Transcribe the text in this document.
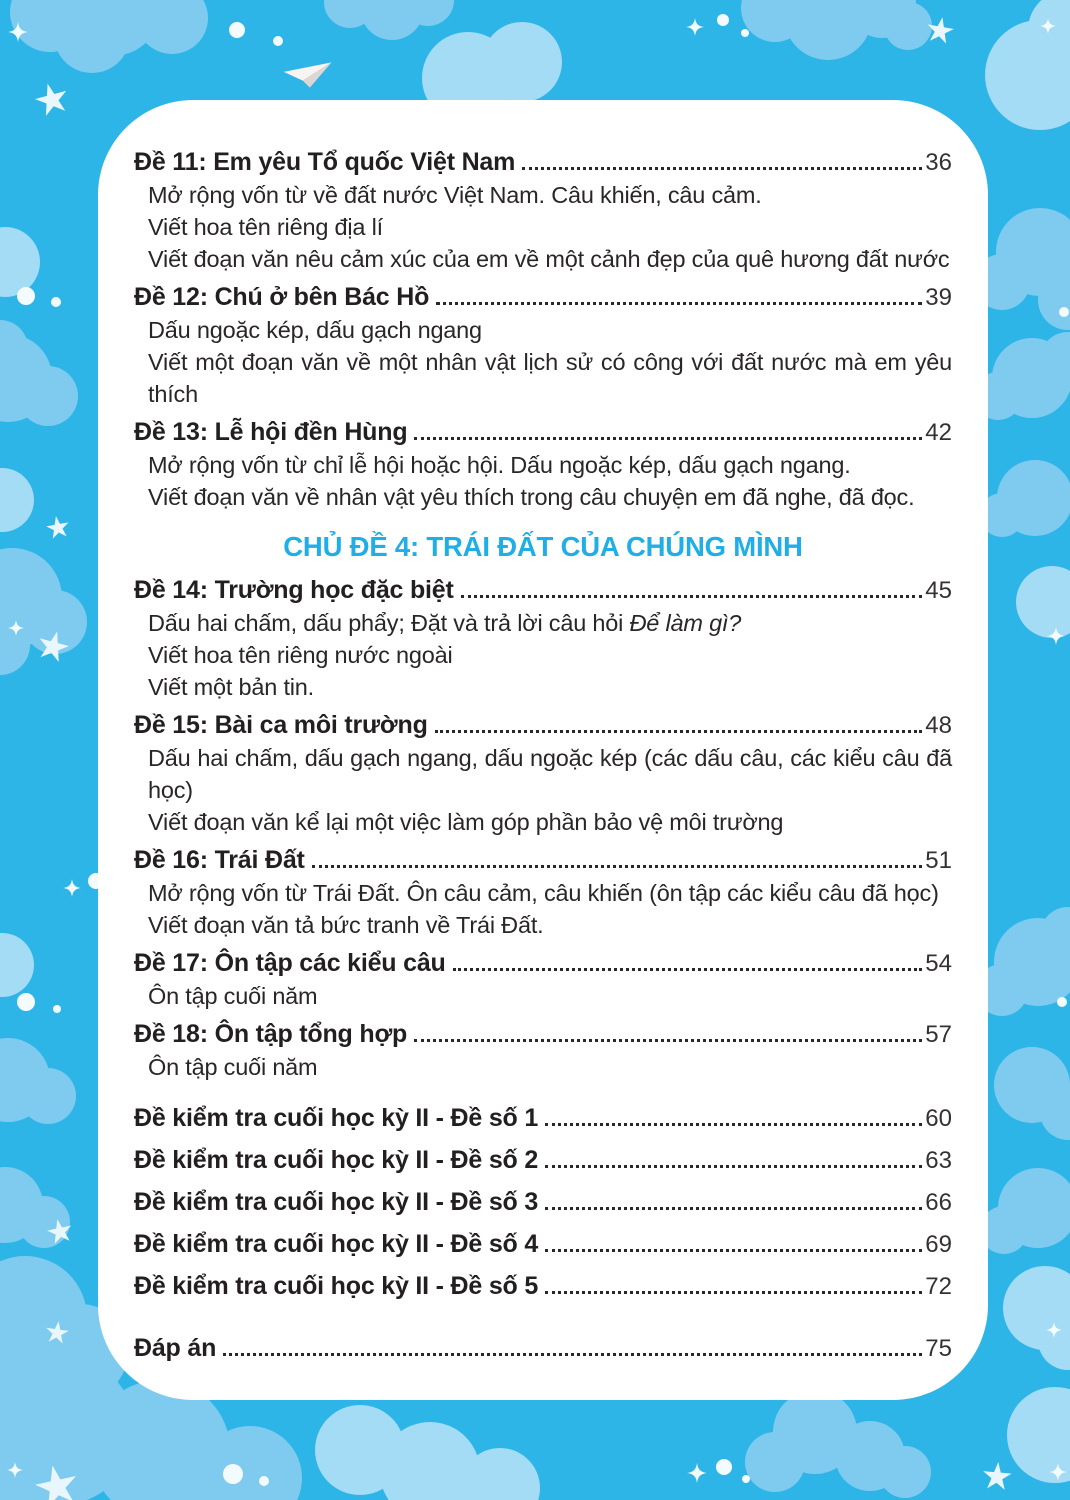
Đề 11: Em yêu Tổ quốc Việt Nam	36

Mở rộng vốn từ về đất nước Việt Nam. Câu khiến, câu cảm.

Viết hoa tên riêng địa lí

Viết đoạn văn nêu cảm xúc của em về một cảnh đẹp của quê hương đất nước

Đề 12: Chú ở bên Bác Hồ	39

Dấu ngoặc kép, dấu gạch ngang

Viết một đoạn văn về một nhân vật lịch sử có công với đất nước mà em yêu thích

Đề 13: Lễ hội đền Hùng	42

Mở rộng vốn từ chỉ lễ hội hoặc hội. Dấu ngoặc kép, dấu gạch ngang.

Viết đoạn văn về nhân vật yêu thích trong câu chuyện em đã nghe, đã đọc.

CHỦ ĐỀ 4: TRÁI ĐẤT CỦA CHÚNG MÌNH
Đề 14: Trường học đặc biệt	45

Dấu hai chấm, dấu phẩy; Đặt và trả lời câu hỏi Để làm gì?

Viết hoa tên riêng nước ngoài

Viết một bản tin.

Đề 15: Bài ca môi trường	48

Dấu hai chấm, dấu gạch ngang, dấu ngoặc kép (các dấu câu, các kiểu câu đã học)

Viết đoạn văn kể lại một việc làm góp phần bảo vệ môi trường

Đề 16: Trái Đất	51

Mở rộng vốn từ Trái Đất. Ôn câu cảm, câu khiến (ôn tập các kiểu câu đã học)

Viết đoạn văn tả bức tranh về Trái Đất.

Đề 17: Ôn tập các kiểu câu	54

Ôn tập cuối năm

Đề 18: Ôn tập tổng hợp	57

Ôn tập cuối năm

Đề kiểm tra cuối học kỳ II - Đề số 1	60
Đề kiểm tra cuối học kỳ II - Đề số 2	63
Đề kiểm tra cuối học kỳ II - Đề số 3	66
Đề kiểm tra cuối học kỳ II - Đề số 4	69
Đề kiểm tra cuối học kỳ II - Đề số 5	72
Đáp án	75
